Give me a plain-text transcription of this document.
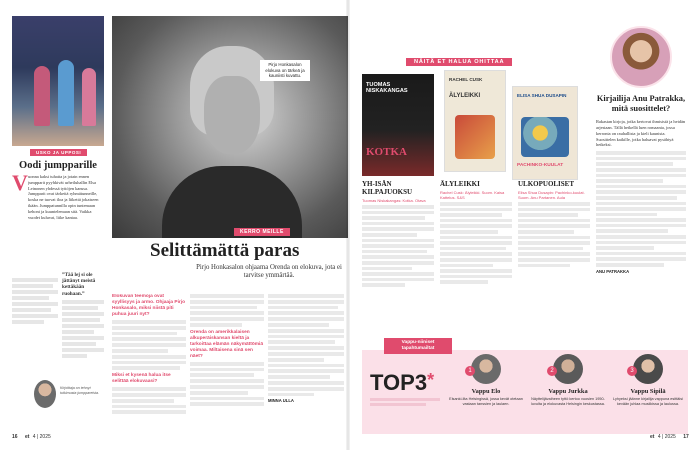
USKO JA UPPOSI
Oodi jumpparille
V uonna kaksi tuhatta ja jotain ennen jumpparit pyyhkivät urheiluhallin Elsa Leinonen yhdessä tyttöjen kanssa. Jumpparit ovat tärkeitä ryhmätunneille, koska ne tuovat iloa ja liikettä jokaiseen ikään. Jumppatunnilla opin tuntemaan kehoni ja kuuntelemaan sitä. Vaikka vuodet kuluvat, liike kantaa.
”Tää lej si ole jättänyt meistä kettäkään ruohaan.”
Kirjoittaja on tehnyt tutkimusta jumppareista.
16 et 4 | 2025
Pirjo Honkasalon elokuva on tärkeä ja kauniisti kuvattu.
KERRO MEILLE
Selittämättä paras
Pirjo Honkasalon ohjaama Orenda on elokuva, jota ei tarvitse ymmärtää.

Elokuvan teemoja ovat syyllisyys ja armo. Ohjaaja Pirjo Honkasalo, miksi niistä piti puhua juuri nyt?

Miksi et kysenä halua itse selittää elokuvaasi?

Orenda on amerikkalaisen alkuperäiskansan kieltä ja tarkoittaa elämän näkymättömiä voimaa. Miltaisena sinä sen näet?

MINNA ULLA
NÄITÄ ET HALUA OHITTAA
TUOMAS NISKAKANGAS
KOTKA
RACHEL CUSK
ÄLYLEIKKI	ELISA SHUA DUSAPIN
PACHINKO-KUULAT
YH-ISÄN KILPAJUOKSU
Tuomas Niskakangas: Kotka. Otava
ÄLYLEIKKI
Rachel Cusk: Älyleikki. Suom. Kaisa Kattelus. S&S
ULKOPUOLISET
Elisa Shua Dusapin: Pachinko-kuulat. Suom. Anu Partanen. Aula
Kirjailija Anu Patrakka, mitä suosittelet?
Rakastan kirjoja, jotka kertovat ihmisistä ja heidän arjestaan. Tällä hetkellä luen romaania, jossa kerronta on rauhallista ja kieli kaunista. Suosittelen kaikille, jotka haluavat pysähtyä hetkeksi.
ANU PATRAKKA
Vappu-niiniset tapahtumailtat
TOP3*	1
Vappu Elo
Elsanki-ilta Helsingissä, jossa kevät otetaan vastaan tanssien ja laulaen.
2
Vappu Jurkka
Näyttelijävaiheen tyttö kertoo vuosien 1950-luvulta ja elokuvasta Helsingin keskustassa.
3
Vappu Sipilä
Lyhyeksi jäänne kirjailija vappuna esittäisi kevään juhlaa musiikissa ja laulussa.
et 4 | 2025 17
